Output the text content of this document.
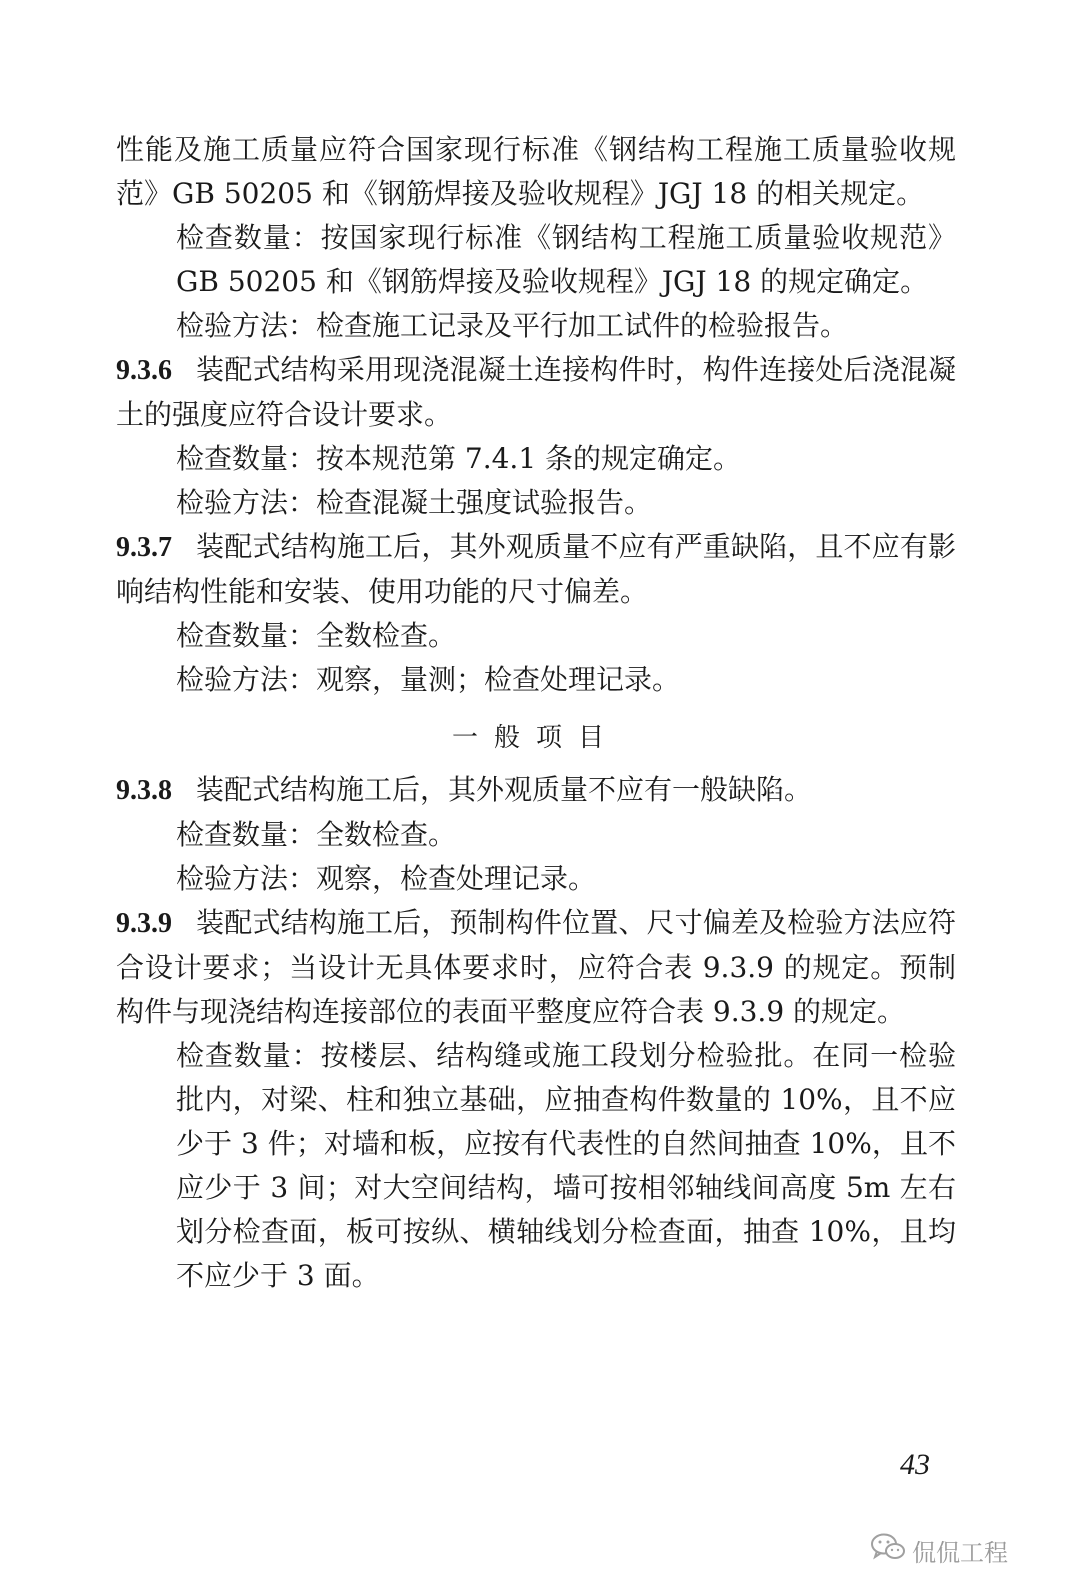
性能及施工质量应符合国家现行标准《钢结构工程施工质量验收规范》GB 50205 和《钢筋焊接及验收规程》JGJ 18 的相关规定。

检查数量：按国家现行标准《钢结构工程施工质量验收规范》GB 50205 和《钢筋焊接及验收规程》JGJ 18 的规定确定。

检验方法：检查施工记录及平行加工试件的检验报告。

9.3.6 装配式结构采用现浇混凝土连接构件时，构件连接处后浇混凝土的强度应符合设计要求。

检查数量：按本规范第 7.4.1 条的规定确定。

检验方法：检查混凝土强度试验报告。

9.3.7 装配式结构施工后，其外观质量不应有严重缺陷，且不应有影响结构性能和安装、使用功能的尺寸偏差。

检查数量：全数检查。

检验方法：观察，量测；检查处理记录。

一般项目

9.3.8 装配式结构施工后，其外观质量不应有一般缺陷。

检查数量：全数检查。

检验方法：观察，检查处理记录。

9.3.9 装配式结构施工后，预制构件位置、尺寸偏差及检验方法应符合设计要求；当设计无具体要求时，应符合表 9.3.9 的规定。预制构件与现浇结构连接部位的表面平整度应符合表 9.3.9 的规定。

检查数量：按楼层、结构缝或施工段划分检验批。在同一检验批内，对梁、柱和独立基础，应抽查构件数量的 10%，且不应少于 3 件；对墙和板，应按有代表性的自然间抽查 10%，且不应少于 3 间；对大空间结构，墙可按相邻轴线间高度 5m 左右划分检查面，板可按纵、横轴线划分检查面，抽查 10%，且均不应少于 3 面。

43
侃侃工程
